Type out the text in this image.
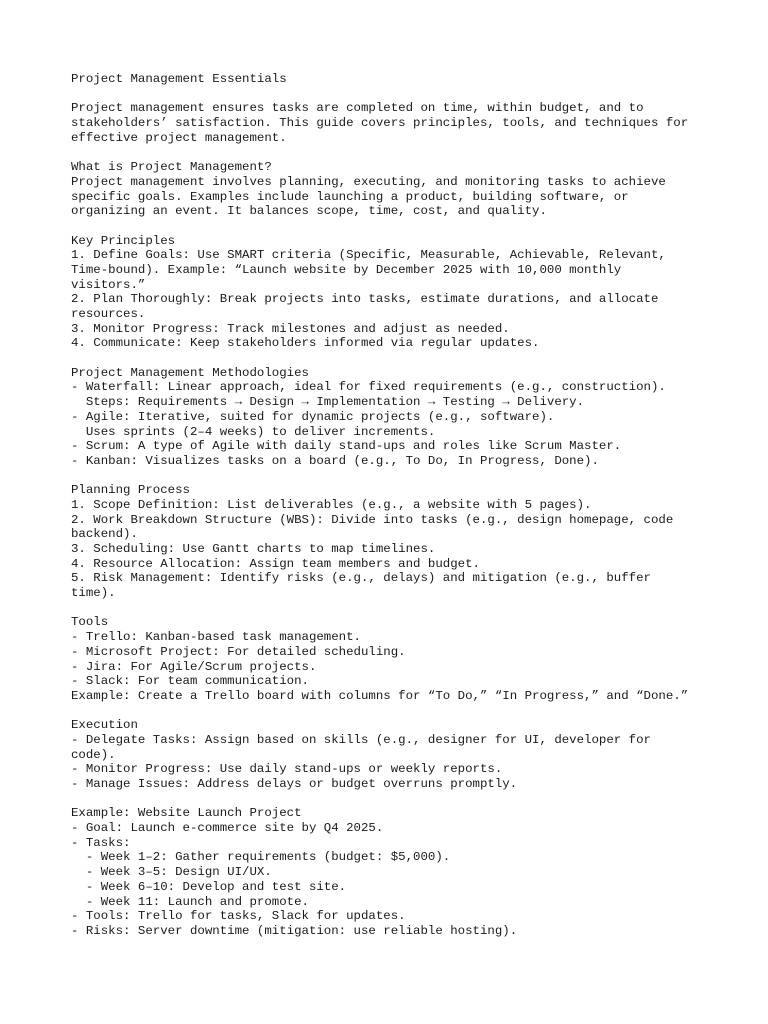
Project Management Essentials
Project management ensures tasks are completed on time, within budget, and to
stakeholders’ satisfaction. This guide covers principles, tools, and techniques for
effective project management.
What is Project Management?
Project management involves planning, executing, and monitoring tasks to achieve
specific goals. Examples include launching a product, building software, or
organizing an event. It balances scope, time, cost, and quality.
Key Principles
1. Define Goals: Use SMART criteria (Specific, Measurable, Achievable, Relevant,
Time-bound). Example: “Launch website by December 2025 with 10,000 monthly
visitors.”
2. Plan Thoroughly: Break projects into tasks, estimate durations, and allocate
resources.
3. Monitor Progress: Track milestones and adjust as needed.
4. Communicate: Keep stakeholders informed via regular updates.
Project Management Methodologies
- Waterfall: Linear approach, ideal for fixed requirements (e.g., construction).
Steps: Requirements → Design → Implementation → Testing → Delivery.
- Agile: Iterative, suited for dynamic projects (e.g., software).
Uses sprints (2–4 weeks) to deliver increments.
- Scrum: A type of Agile with daily stand-ups and roles like Scrum Master.
- Kanban: Visualizes tasks on a board (e.g., To Do, In Progress, Done).
Planning Process
1. Scope Definition: List deliverables (e.g., a website with 5 pages).
2. Work Breakdown Structure (WBS): Divide into tasks (e.g., design homepage, code
backend).
3. Scheduling: Use Gantt charts to map timelines.
4. Resource Allocation: Assign team members and budget.
5. Risk Management: Identify risks (e.g., delays) and mitigation (e.g., buffer
time).
Tools
- Trello: Kanban-based task management.
- Microsoft Project: For detailed scheduling.
- Jira: For Agile/Scrum projects.
- Slack: For team communication.
Example: Create a Trello board with columns for “To Do,” “In Progress,” and “Done.”
Execution
- Delegate Tasks: Assign based on skills (e.g., designer for UI, developer for
code).
- Monitor Progress: Use daily stand-ups or weekly reports.
- Manage Issues: Address delays or budget overruns promptly.
Example: Website Launch Project
- Goal: Launch e-commerce site by Q4 2025.
- Tasks:
- Week 1–2: Gather requirements (budget: $5,000).
- Week 3–5: Design UI/UX.
- Week 6–10: Develop and test site.
- Week 11: Launch and promote.
- Tools: Trello for tasks, Slack for updates.
- Risks: Server downtime (mitigation: use reliable hosting).
